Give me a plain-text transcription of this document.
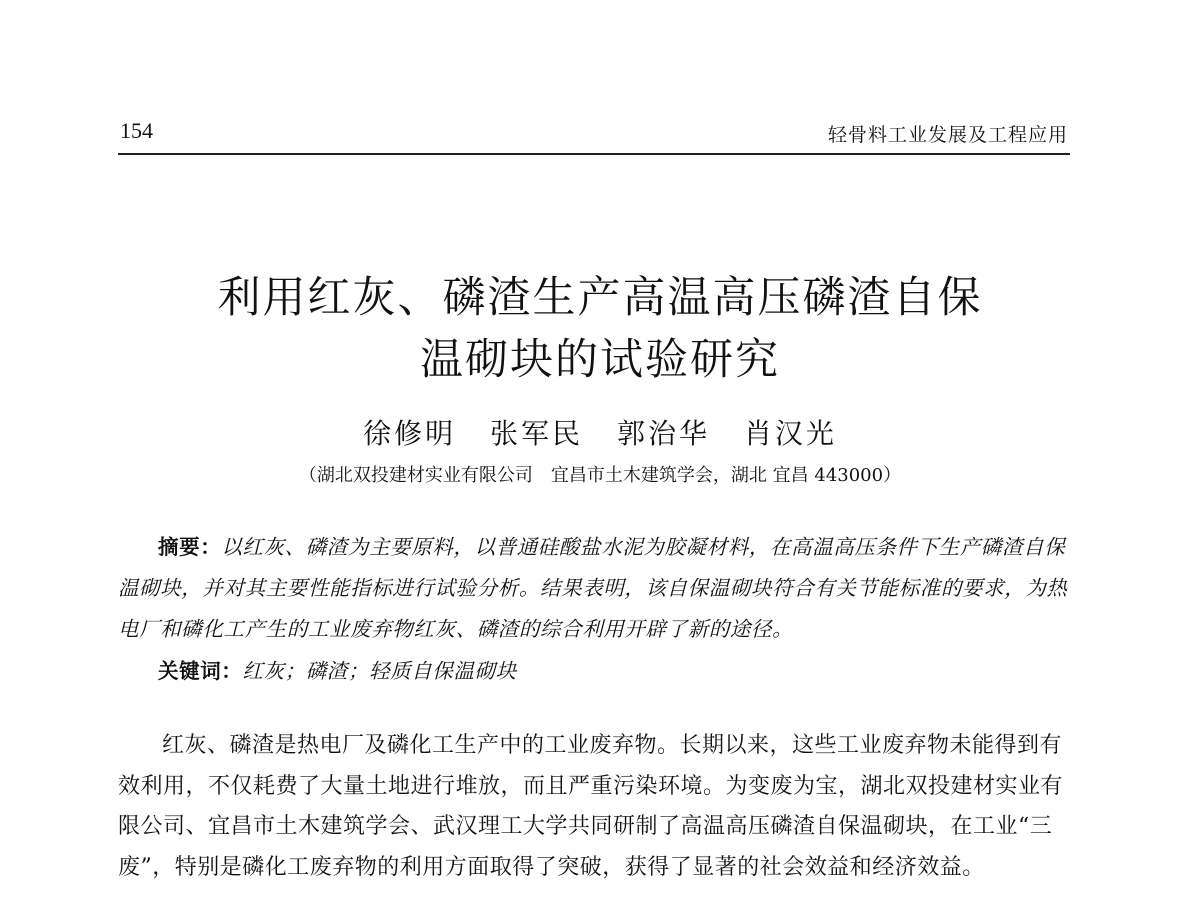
154	轻骨料工业发展及工程应用
利用红灰、磷渣生产高温高压磷渣自保
温砌块的试验研究
徐修明 张军民 郭治华 肖汉光
（湖北双投建材实业有限公司　宜昌市土木建筑学会，湖北 宜昌 443000）
摘要：以红灰、磷渣为主要原料，以普通硅酸盐水泥为胶凝材料，在高温高压条件下生产磷渣自保温砌块，并对其主要性能指标进行试验分析。结果表明，该自保温砌块符合有关节能标准的要求，为热电厂和磷化工产生的工业废弃物红灰、磷渣的综合利用开辟了新的途径。
关键词：红灰；磷渣；轻质自保温砌块
红灰、磷渣是热电厂及磷化工生产中的工业废弃物。长期以来，这些工业废弃物未能得到有效利用，不仅耗费了大量土地进行堆放，而且严重污染环境。为变废为宝，湖北双投建材实业有限公司、宜昌市土木建筑学会、武汉理工大学共同研制了高温高压磷渣自保温砌块，在工业“三废”，特别是磷化工废弃物的利用方面取得了突破，获得了显著的社会效益和经济效益。
